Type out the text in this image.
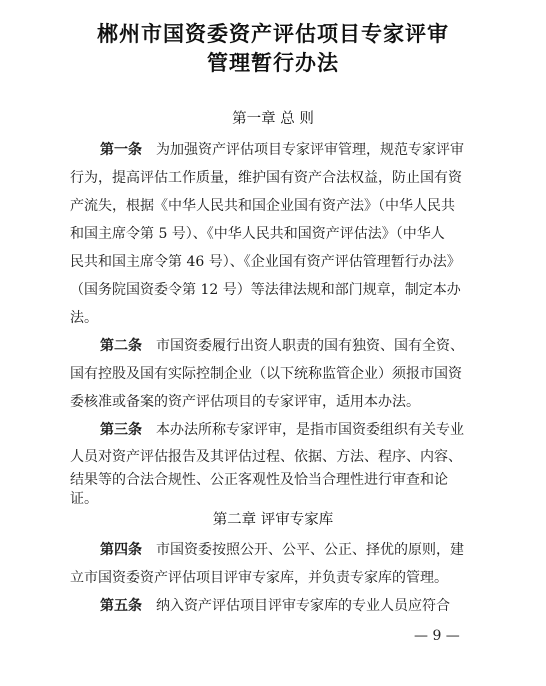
郴州市国资委资产评估项目专家评审
管理暂行办法
第一章 总 则
第一条 为加强资产评估项目专家评审管理，规范专家评审
行为，提高评估工作质量，维护国有资产合法权益，防止国有资
产流失，根据《中华人民共和国企业国有资产法》（中华人民共
和国主席令第 5 号）、《中华人民共和国资产评估法》（中华人
民共和国主席令第 46 号）、《企业国有资产评估管理暂行办法》
（国务院国资委令第 12 号）等法律法规和部门规章，制定本办
法。
第二条 市国资委履行出资人职责的国有独资、国有全资、
国有控股及国有实际控制企业（以下统称监管企业）须报市国资
委核准或备案的资产评估项目的专家评审，适用本办法。
第三条 本办法所称专家评审，是指市国资委组织有关专业
人员对资产评估报告及其评估过程、依据、方法、程序、内容、
结果等的合法合规性、公正客观性及恰当合理性进行审查和论
证。
第二章 评审专家库
第四条 市国资委按照公开、公平、公正、择优的原则，建
立市国资委资产评估项目评审专家库，并负责专家库的管理。
第五条 纳入资产评估项目评审专家库的专业人员应符合
— 9 —
